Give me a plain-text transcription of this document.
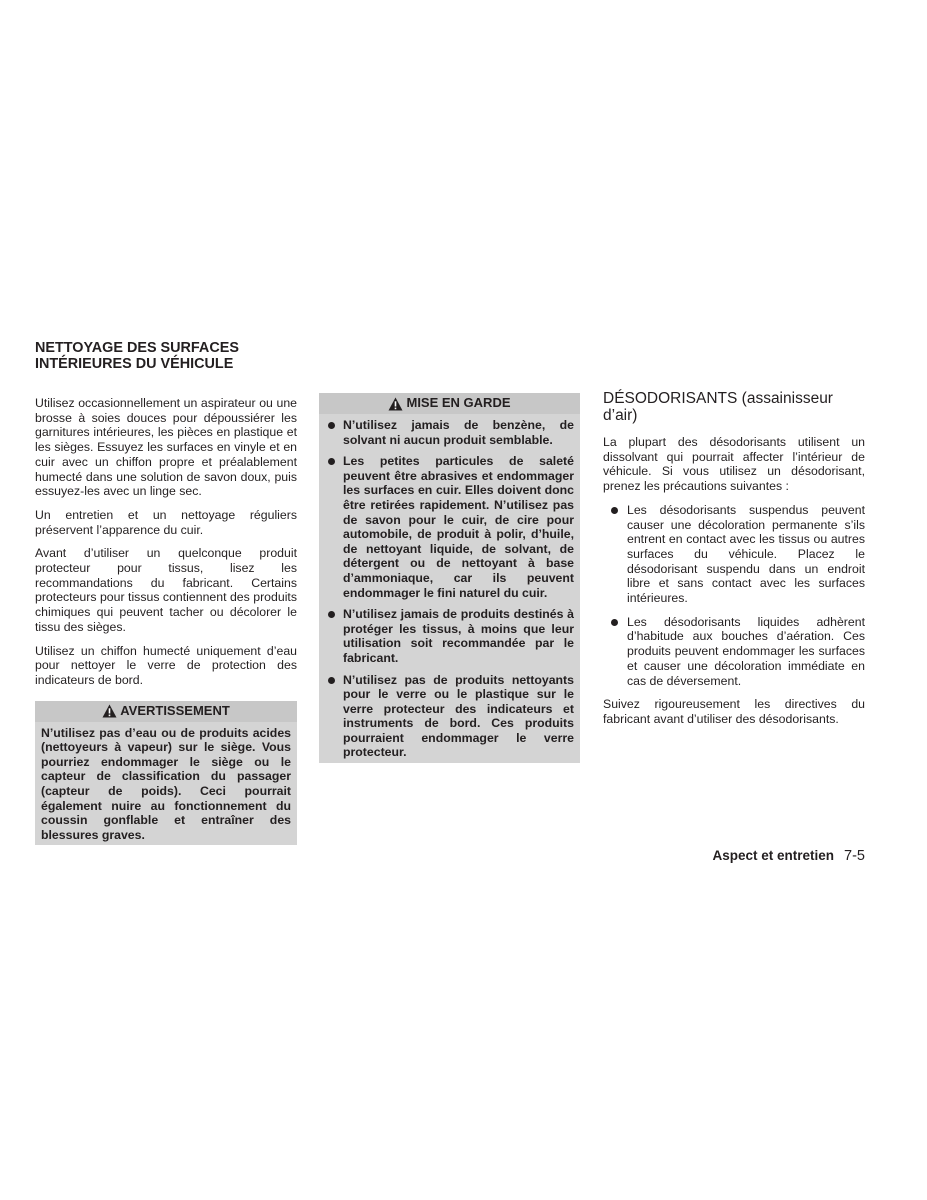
NETTOYAGE DES SURFACES
INTÉRIEURES DU VÉHICULE

Utilisez occasionnellement un aspirateur ou une brosse à soies douces pour dépoussiérer les garnitures intérieures, les pièces en plastique et les sièges. Essuyez les surfaces en vinyle et en cuir avec un chiffon propre et préalablement humecté dans une solution de savon doux, puis essuyez-les avec un linge sec.

Un entretien et un nettoyage réguliers préservent l’apparence du cuir.

Avant d’utiliser un quelconque produit protecteur pour tissus, lisez les recommandations du fabricant. Certains protecteurs pour tissus contiennent des produits chimiques qui peuvent tacher ou décolorer le tissu des sièges.

Utilisez un chiffon humecté uniquement d’eau pour nettoyer le verre de protection des indicateurs de bord.

AVERTISSEMENT
N’utilisez pas d’eau ou de produits acides (nettoyeurs à vapeur) sur le siège. Vous pourriez endommager le siège ou le capteur de classification du passager (capteur de poids). Ceci pourrait également nuire au fonctionnement du coussin gonflable et entraîner des blessures graves.
MISE EN GARDE
N’utilisez jamais de benzène, de solvant ni aucun produit semblable.
Les petites particules de saleté peuvent être abrasives et endommager les surfaces en cuir. Elles doivent donc être retirées rapidement. N’utilisez pas de savon pour le cuir, de cire pour automobile, de produit à polir, d’huile, de nettoyant liquide, de solvant, de détergent ou de nettoyant à base d’ammoniaque, car ils peuvent endommager le fini naturel du cuir.
N’utilisez jamais de produits destinés à protéger les tissus, à moins que leur utilisation soit recommandée par le fabricant.
N’utilisez pas de produits nettoyants pour le verre ou le plastique sur le verre protecteur des indicateurs et instruments de bord. Ces produits pourraient endommager le verre protecteur.
DÉSODORISANTS (assainisseur d’air)

La plupart des désodorisants utilisent un dissolvant qui pourrait affecter l’intérieur de véhicule. Si vous utilisez un désodorisant, prenez les précautions suivantes :

Les désodorisants suspendus peuvent causer une décoloration permanente s’ils entrent en contact avec les tissus ou autres surfaces du véhicule. Placez le désodorisant suspendu dans un endroit libre et sans contact avec les surfaces intérieures.
Les désodorisants liquides adhèrent d’habitude aux bouches d’aération. Ces produits peuvent endommager les surfaces et causer une décoloration immédiate en cas de déversement.

Suivez rigoureusement les directives du fabricant avant d’utiliser des désodorisants.

Aspect et entretien 7-5
